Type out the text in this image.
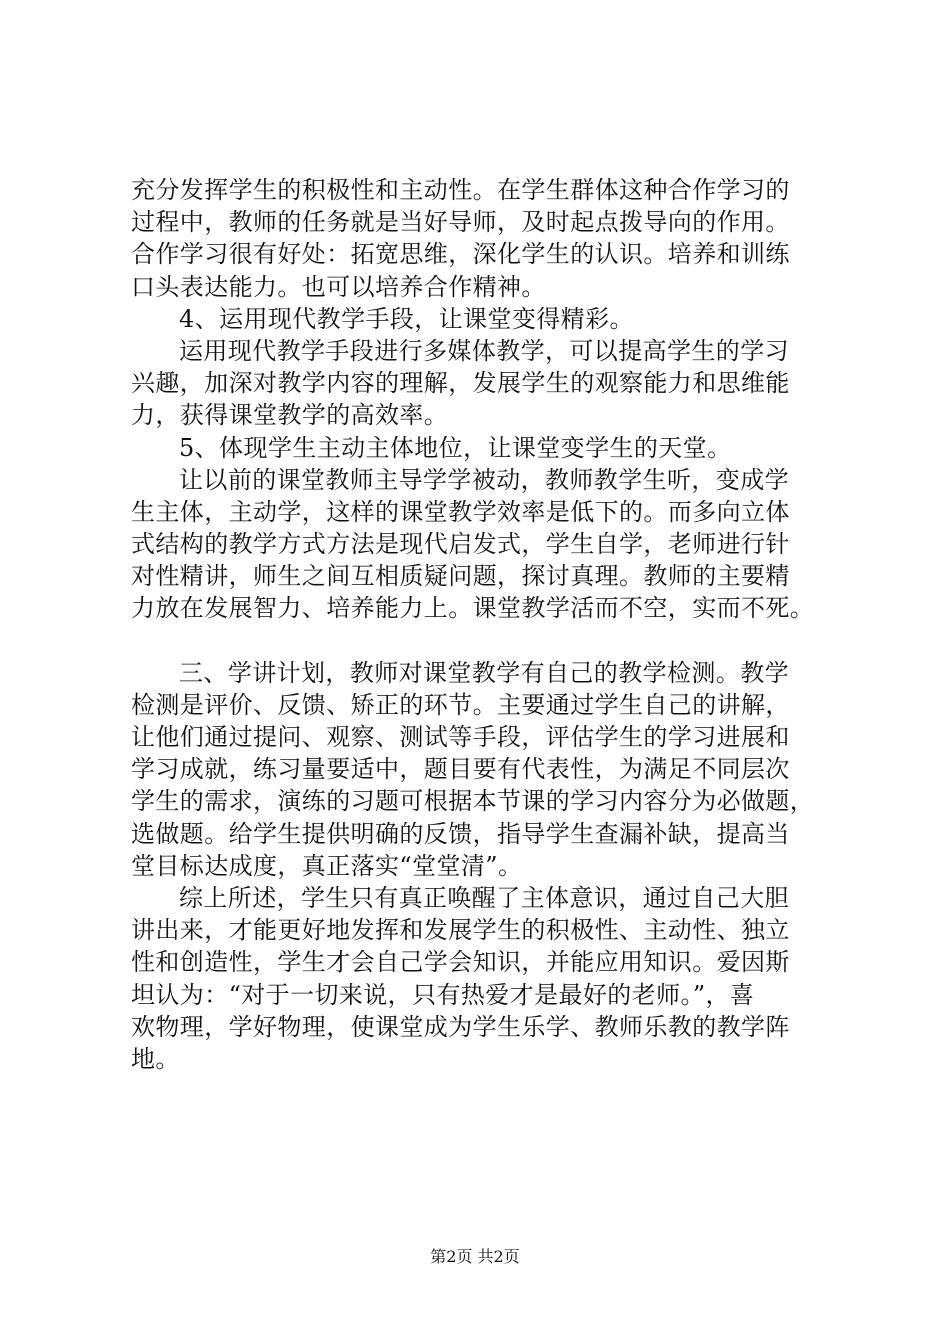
充分发挥学生的积极性和主动性。在学生群体这种合作学习的
过程中，教师的任务就是当好导师，及时起点拨导向的作用。
合作学习很有好处：拓宽思维，深化学生的认识。培养和训练
口头表达能力。也可以培养合作精神。
4、运用现代教学手段，让课堂变得精彩。
运用现代教学手段进行多媒体教学，可以提高学生的学习
兴趣，加深对教学内容的理解，发展学生的观察能力和思维能
力，获得课堂教学的高效率。
5、体现学生主动主体地位，让课堂变学生的天堂。
让以前的课堂教师主导学学被动，教师教学生听，变成学
生主体，主动学，这样的课堂教学效率是低下的。而多向立体
式结构的教学方式方法是现代启发式，学生自学，老师进行针
对性精讲，师生之间互相质疑问题，探讨真理。教师的主要精
力放在发展智力、培养能力上。课堂教学活而不空，实而不死。
三、学讲计划，教师对课堂教学有自己的教学检测。教学
检测是评价、反馈、矫正的环节。主要通过学生自己的讲解，
让他们通过提问、观察、测试等手段，评估学生的学习进展和
学习成就，练习量要适中，题目要有代表性，为满足不同层次
学生的需求，演练的习题可根据本节课的学习内容分为必做题，
选做题。给学生提供明确的反馈，指导学生查漏补缺，提高当
堂目标达成度，真正落实“堂堂清”。
综上所述，学生只有真正唤醒了主体意识，通过自己大胆
讲出来，才能更好地发挥和发展学生的积极性、主动性、独立
性和创造性，学生才会自己学会知识，并能应用知识。爱因斯
坦认为：“对于一切来说，只有热爱才是最好的老师。”，喜
欢物理，学好物理，使课堂成为学生乐学、教师乐教的教学阵
地。
第2页 共2页
